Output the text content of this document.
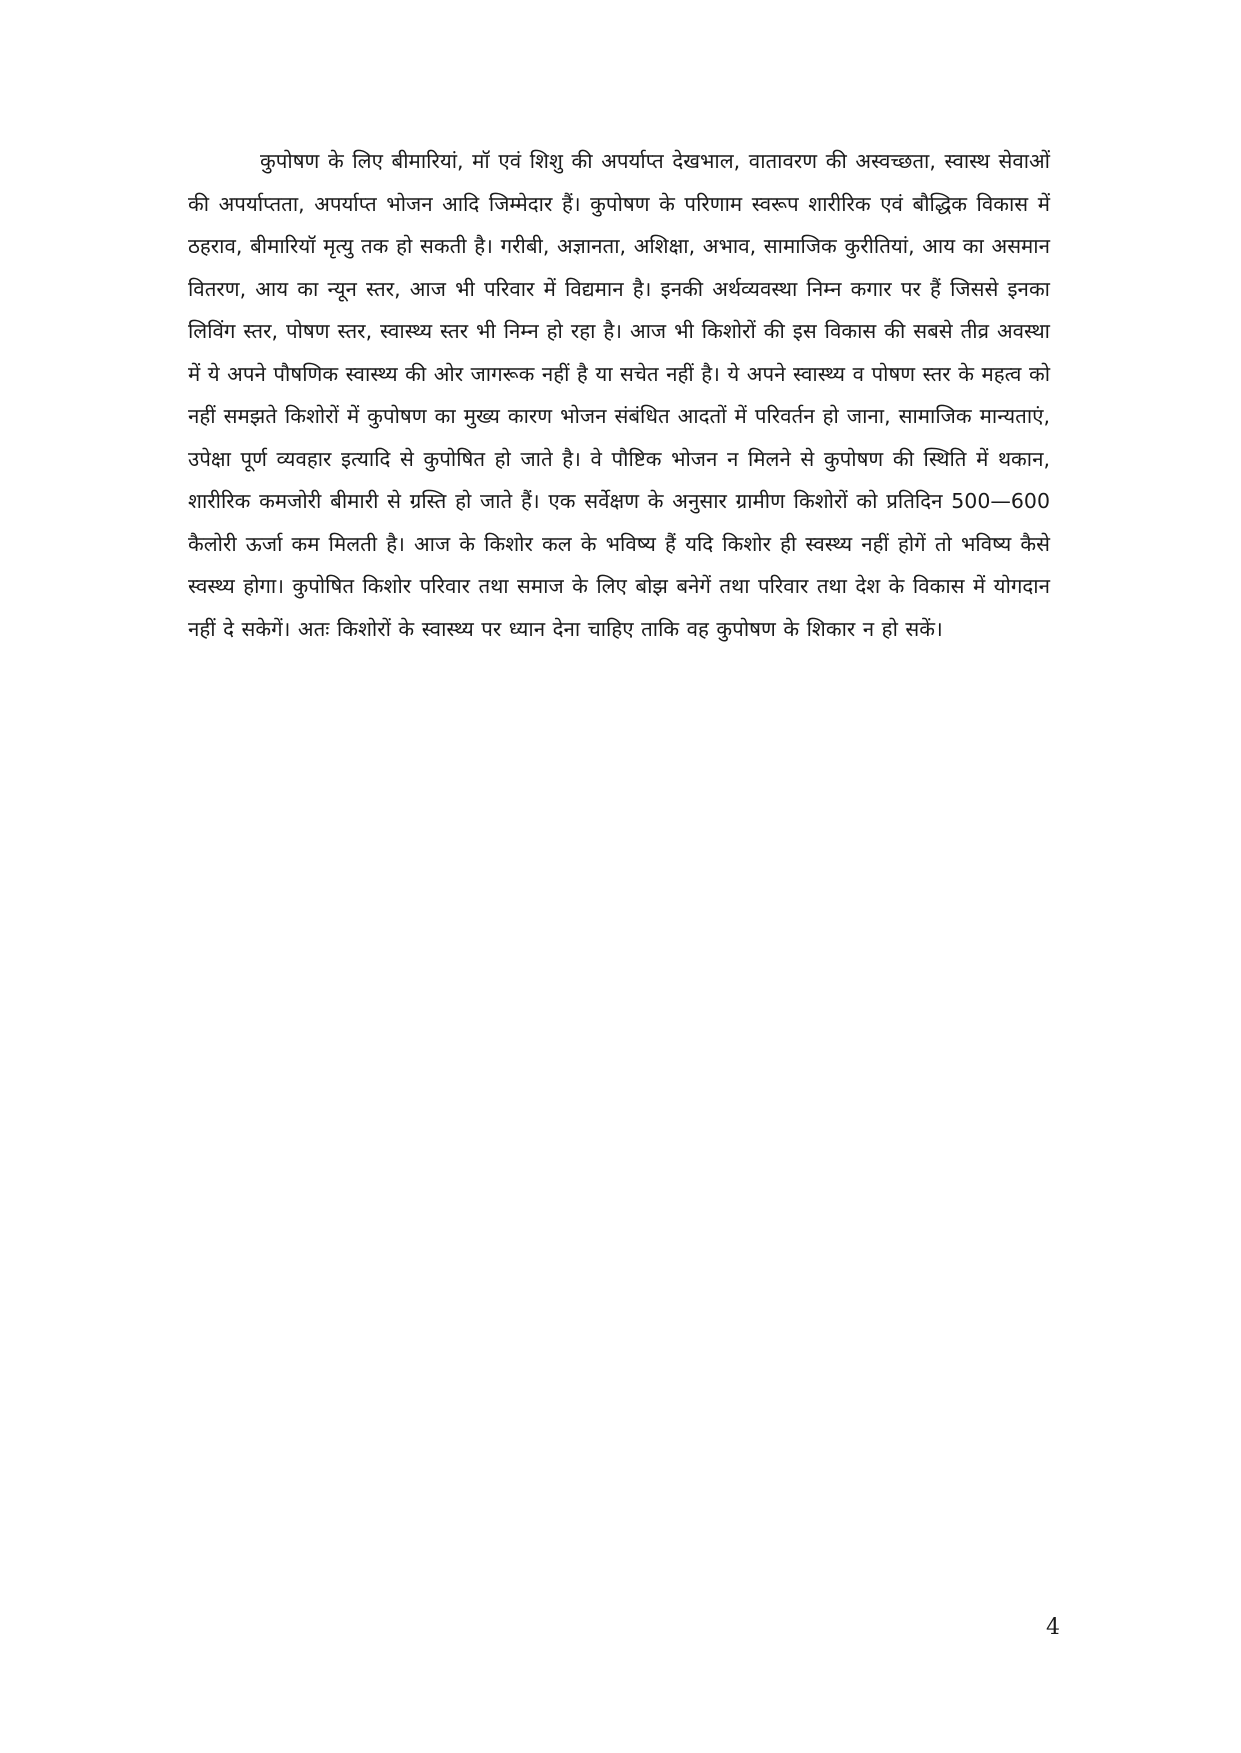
कुपोषण के लिए बीमारियां, मॉ एवं शिशु की अपर्याप्त देखभाल, वातावरण की अस्वच्छता, स्वास्थ सेवाओं की अपर्याप्तता, अपर्याप्त भोजन आदि जिम्मेदार हैं। कुपोषण के परिणाम स्वरूप शारीरिक एवं बौद्धिक विकास में ठहराव, बीमारियॉ मृत्यु तक हो सकती है। गरीबी, अज्ञानता, अशिक्षा, अभाव, सामाजिक कुरीतियां, आय का असमान वितरण, आय का न्यून स्तर, आज भी परिवार में विद्यमान है। इनकी अर्थव्यवस्था निम्न कगार पर हैं जिससे इनका लिविंग स्तर, पोषण स्तर, स्वास्थ्य स्तर भी निम्न हो रहा है। आज भी किशोरों की इस विकास की सबसे तीव्र अवस्था में ये अपने पौषणिक स्वास्थ्य की ओर जागरूक नहीं है या सचेत नहीं है। ये अपने स्वास्थ्य व पोषण स्तर के महत्व को नहीं समझते किशोरों में कुपोषण का मुख्य कारण भोजन संबंधित आदतों में परिवर्तन हो जाना, सामाजिक मान्यताएं, उपेक्षा पूर्ण व्यवहार इत्यादि से कुपोषित हो जाते है। वे पौष्टिक भोजन न मिलने से कुपोषण की स्थिति में थकान, शारीरिक कमजोरी बीमारी से ग्रस्ति हो जाते हैं। एक सर्वेक्षण के अनुसार ग्रामीण किशोरों को प्रतिदिन 500—600 कैलोरी ऊर्जा कम मिलती है। आज के किशोर कल के भविष्य हैं यदि किशोर ही स्वस्थ्य नहीं होगें तो भविष्य कैसे स्वस्थ्य होगा। कुपोषित किशोर परिवार तथा समाज के लिए बोझ बनेगें तथा परिवार तथा देश के विकास में योगदान नहीं दे सकेगें। अतः किशोरों के स्वास्थ्य पर ध्यान देना चाहिए ताकि वह कुपोषण के शिकार न हो सकें।

4
